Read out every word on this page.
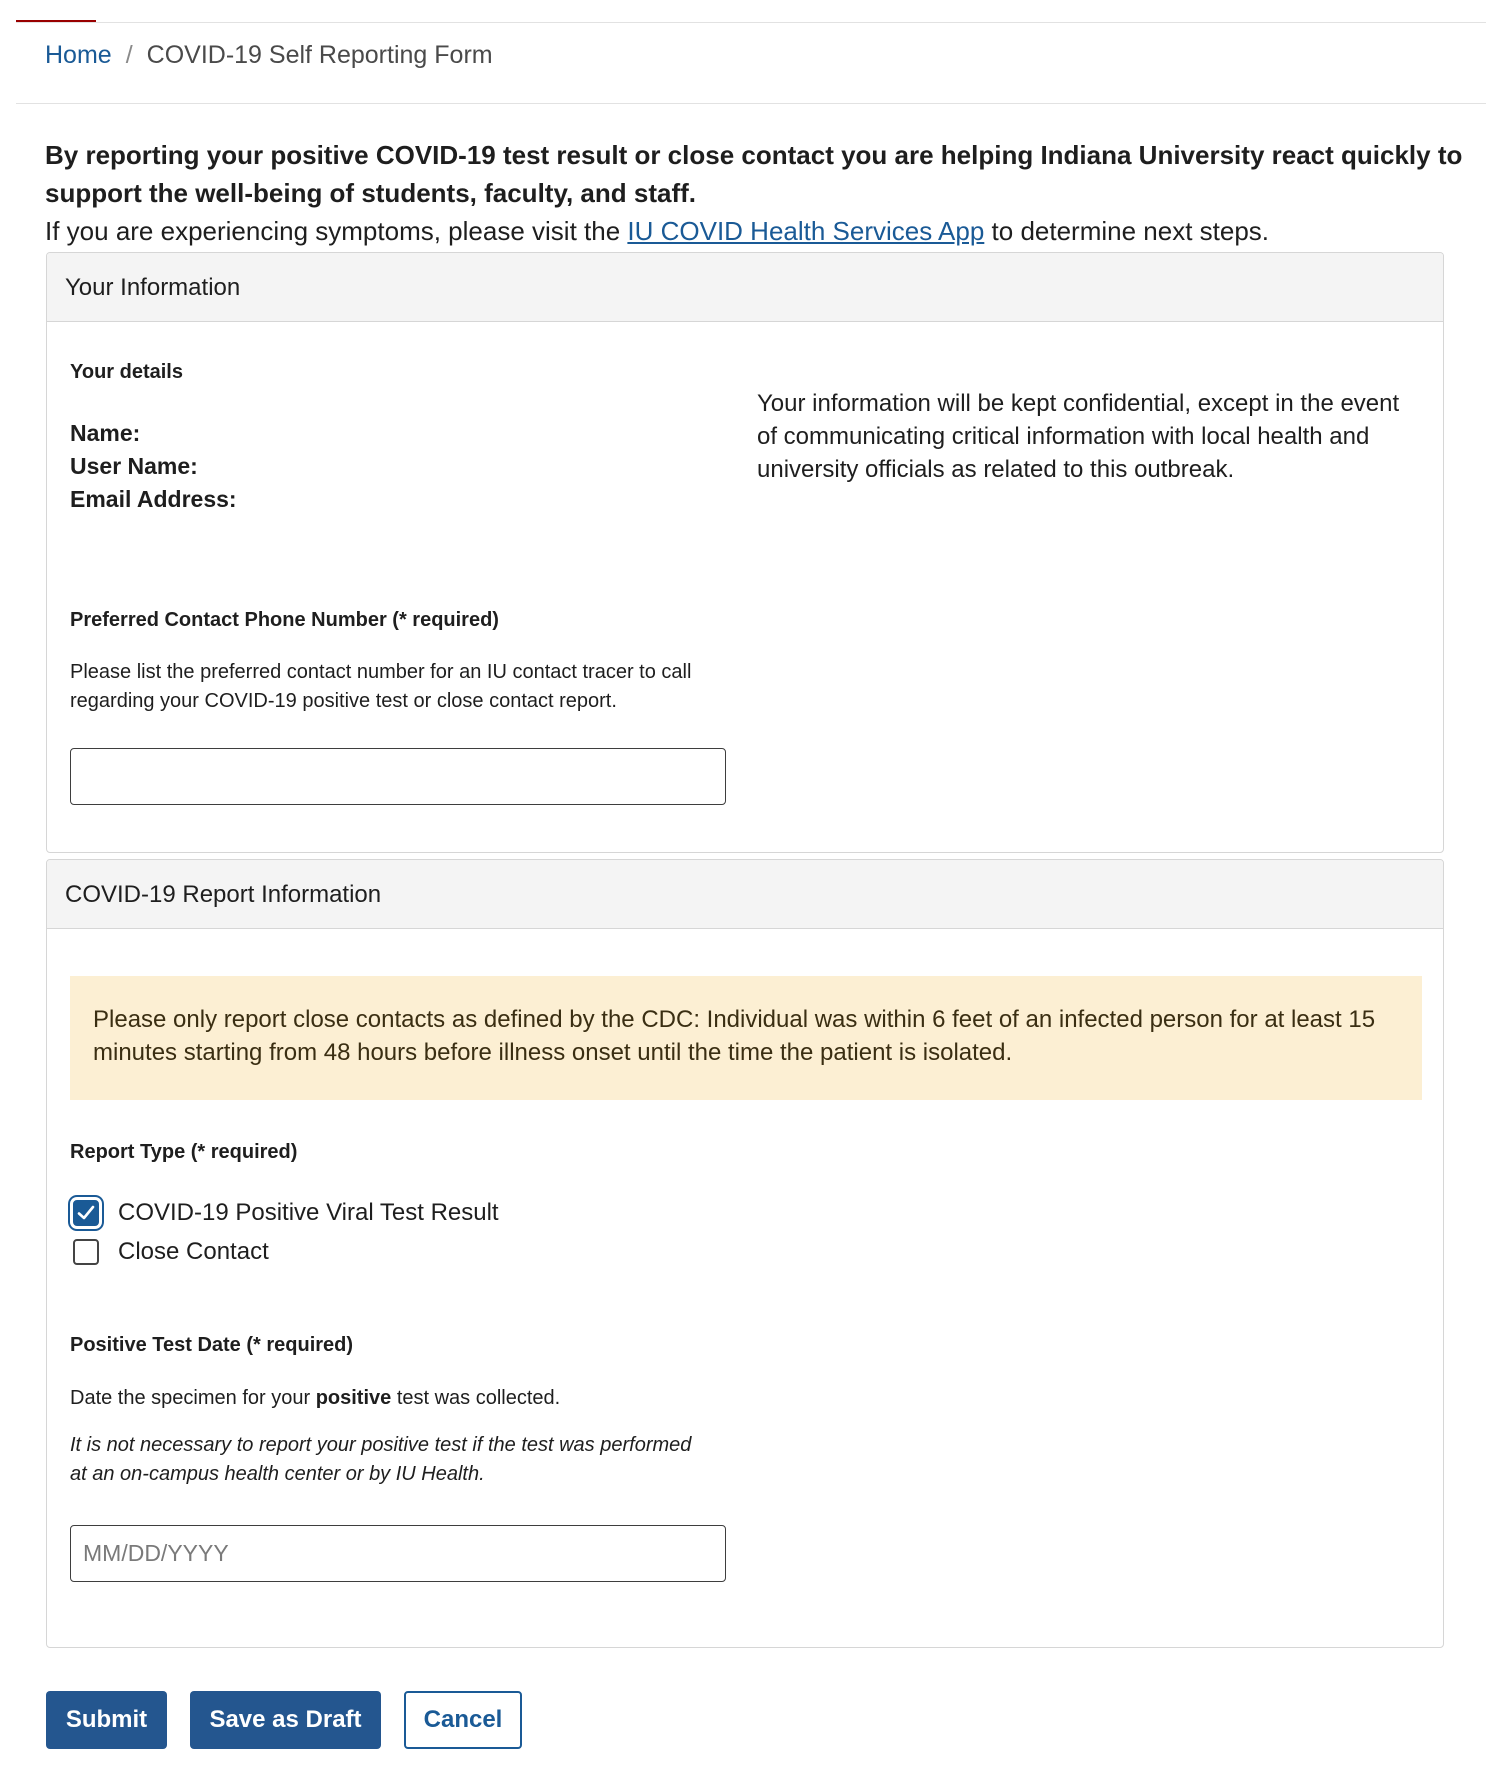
Home / COVID-19 Self Reporting Form

By reporting your positive COVID-19 test result or close contact you are helping Indiana University react quickly to support the well-being of students, faculty, and staff.

If you are experiencing symptoms, please visit the IU COVID Health Services App to determine next steps.

Your Information
Your details
Name:
User Name:
Email Address:
Your information will be kept confidential, except in the event of communicating critical information with local health and university officials as related to this outbreak.
Preferred Contact Phone Number (* required)
Please list the preferred contact number for an IU contact tracer to call regarding your COVID-19 positive test or close contact report.
COVID-19 Report Information
Please only report close contacts as defined by the CDC: Individual was within 6 feet of an infected person for at least 15 minutes starting from 48 hours before illness onset until the time the patient is isolated.
Report Type (* required)
COVID-19 Positive Viral Test Result
Close Contact
Positive Test Date (* required)
Date the specimen for your positive test was collected.
It is not necessary to report your positive test if the test was performed at an on-campus health center or by IU Health.
MM/DD/YYYY
Submit	Save as Draft	Cancel
